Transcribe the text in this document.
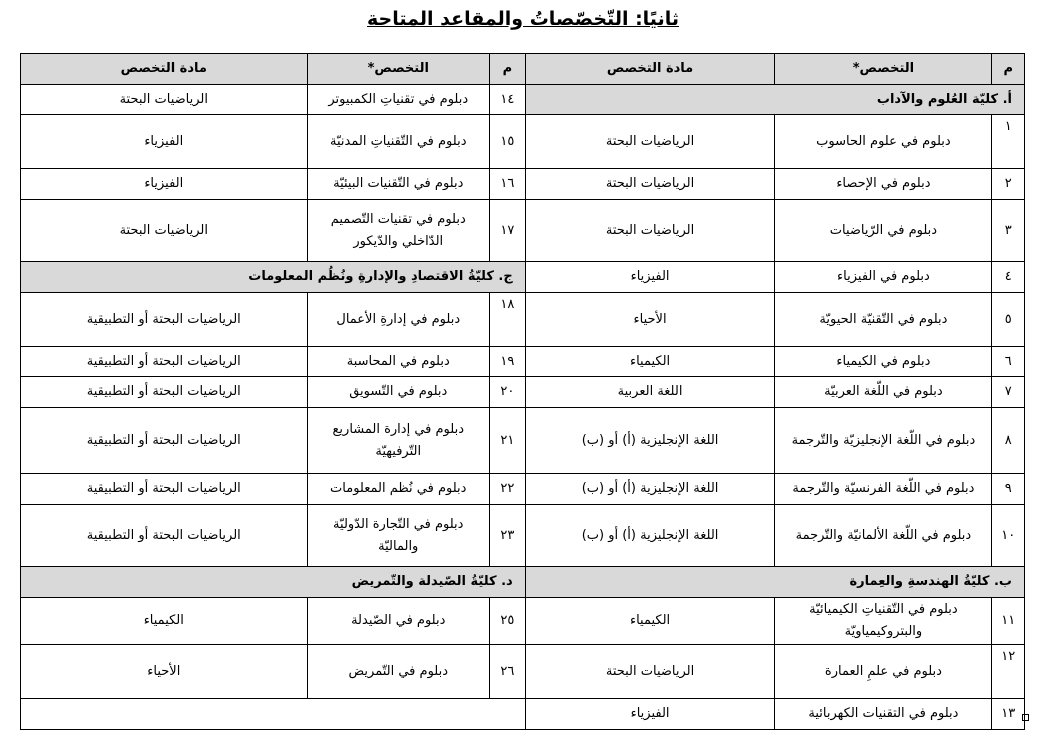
ثانيًا: التّخصّصاتُ والمقاعد المتاحة
م	التخصص*	مادة التخصص	م	التخصص*	مادة التخصص
أ. كليّة العُلوم والآداب			١٤	دبلوم في تقنياتِ الكمبيوتر	الرياضيات البحتة
١	دبلوم في علوم الحاسوب	الرياضيات البحتة	١٥	دبلوم في التّقنياتِ المدنيّة	الفيزياء
٢	دبلوم في الإحصاء	الرياضيات البحتة	١٦	دبلوم في التّقنيات البيئيّة	الفيزياء
٣	دبلوم في الرّياضيات	الرياضيات البحتة	١٧	دبلوم في تقنيات التّصميم الدّاخلي والدّيكور	الرياضيات البحتة
٤	دبلوم في الفيزياء	الفيزياء	ج. كليّةُ الاقتصادِ والإدارةِ ونُظُم المعلومات		
٥	دبلوم في التّقنيّة الحيويّة	الأحياء	١٨	دبلوم في إدارةِ الأعمال	الرياضيات البحتة أو التطبيقية
٦	دبلوم في الكيمياء	الكيمياء	١٩	دبلوم في المحاسبة	الرياضيات البحتة أو التطبيقية
٧	دبلوم في اللّغة العربيّة	اللغة العربية	٢٠	دبلوم في التّسويق	الرياضيات البحتة أو التطبيقية
٨	دبلوم في اللّغة الإنجليزيّة والتّرجمة	اللغة الإنجليزية (أ) أو (ب)	٢١	دبلوم في إدارة المشاريع التّرفيهيّة	الرياضيات البحتة أو التطبيقية
٩	دبلوم في اللّغة الفرنسيّة والتّرجمة	اللغة الإنجليزية (أ) أو (ب)	٢٢	دبلوم في نُظم المعلومات	الرياضيات البحتة أو التطبيقية
١٠	دبلوم في اللّغة الألمانيّة والتّرجمة	اللغة الإنجليزية (أ) أو (ب)	٢٣	دبلوم في التّجارة الدّوليّة والماليّة	الرياضيات البحتة أو التطبيقية
ب. كليّةُ الهندسةِ والعِمارة			د. كليّةُ الصّيدلة والتّمريض		
١١	دبلوم في التّقنياتِ الكيميائيّة والبتروكيمياويّة	الكيمياء	٢٥	دبلوم في الصّيدلة	الكيمياء
١٢	دبلوم في علمِ العمارة	الرياضيات البحتة	٢٦	دبلوم في التّمريض	الأحياء
١٣	دبلوم في التقنيات الكهربائية	الفيزياء			
